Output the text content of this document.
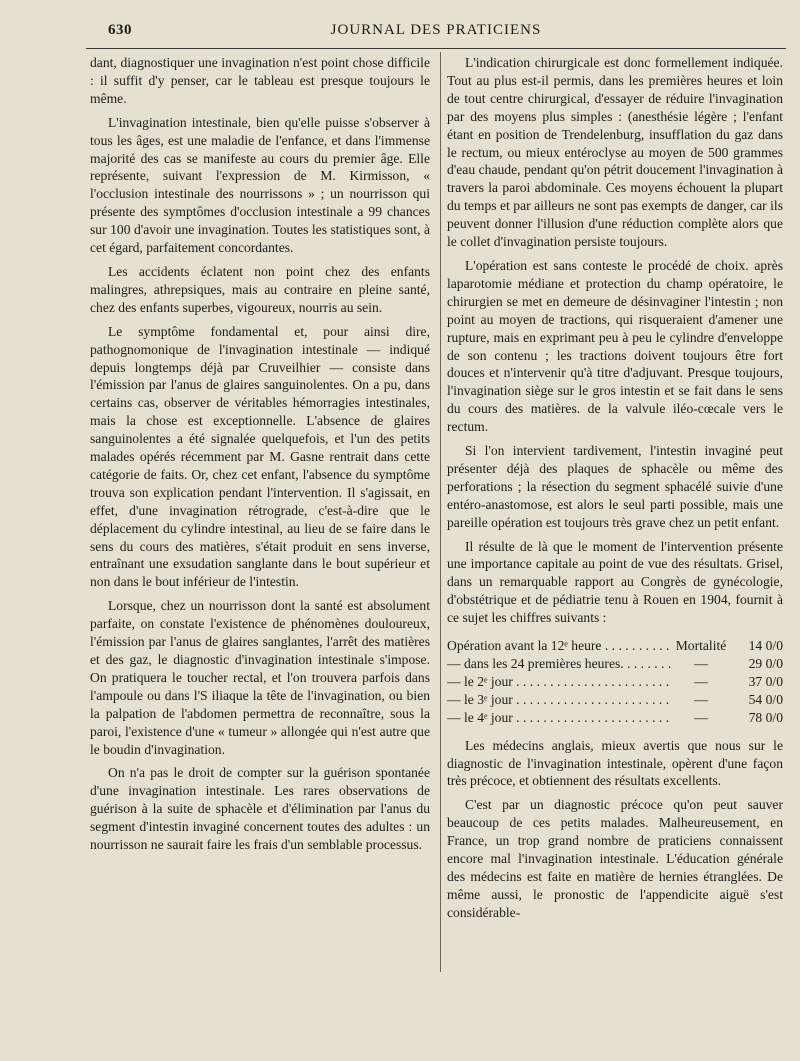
630	JOURNAL DES PRATICIENS

dant, diagnostiquer une invagination n'est point chose difficile : il suffit d'y penser, car le tableau est presque toujours le même.

L'invagination intestinale, bien qu'elle puisse s'observer à tous les âges, est une maladie de l'enfance, et dans l'immense majorité des cas se manifeste au cours du premier âge. Elle représente, suivant l'expression de M. Kirmisson, « l'occlusion intestinale des nourrissons » ; un nourrisson qui présente des symptômes d'occlusion intestinale a 99 chances sur 100 d'avoir une invagination. Toutes les statistiques sont, à cet égard, parfaitement concordantes.

Les accidents éclatent non point chez des enfants malingres, athrepsiques, mais au contraire en pleine santé, chez des enfants superbes, vigoureux, nourris au sein.

Le symptôme fondamental et, pour ainsi dire, pathognomonique de l'invagination intestinale — indiqué depuis longtemps déjà par Cruveilhier — consiste dans l'émission par l'anus de glaires sanguinolentes. On a pu, dans certains cas, observer de véritables hémorragies intestinales, mais la chose est exceptionnelle. L'absence de glaires sanguinolentes a été signalée quelquefois, et l'un des petits malades opérés récemment par M. Gasne rentrait dans cette catégorie de faits. Or, chez cet enfant, l'absence du symptôme trouva son explication pendant l'intervention. Il s'agissait, en effet, d'une invagination rétrograde, c'est-à-dire que le déplacement du cylindre intestinal, au lieu de se faire dans le sens du cours des matières, s'était produit en sens inverse, entraînant une exsudation sanglante dans le bout supérieur et non dans le bout inférieur de l'intestin.

Lorsque, chez un nourrisson dont la santé est absolument parfaite, on constate l'existence de phénomènes douloureux, l'émission par l'anus de glaires sanglantes, l'arrêt des matières et des gaz, le diagnostic d'invagination intestinale s'impose. On pratiquera le toucher rectal, et l'on trouvera parfois dans l'ampoule ou dans l'S iliaque la tête de l'invagination, ou bien la palpation de l'abdomen permettra de reconnaître, sous la paroi, l'existence d'une « tumeur » allongée qui n'est autre que le boudin d'invagination.

On n'a pas le droit de compter sur la guérison spontanée d'une invagination intestinale. Les rares observations de guérison à la suite de sphacèle et d'élimination par l'anus du segment d'intestin invaginé concernent toutes des adultes : un nourrisson ne saurait faire les frais d'un semblable processus.

L'indication chirurgicale est donc formellement indiquée. Tout au plus est-il permis, dans les premières heures et loin de tout centre chirurgical, d'essayer de réduire l'invagination par des moyens plus simples : (anesthésie légère ; l'enfant étant en position de Trendelenburg, insufflation du gaz dans le rectum, ou mieux entéroclyse au moyen de 500 grammes d'eau chaude, pendant qu'on pétrit doucement l'invagination à travers la paroi abdominale. Ces moyens échouent la plupart du temps et par ailleurs ne sont pas exempts de danger, car ils peuvent donner l'illusion d'une réduction complète alors que le collet d'invagination persiste toujours.

L'opération est sans conteste le procédé de choix. après laparotomie médiane et protection du champ opératoire, le chirurgien se met en demeure de désinvaginer l'intestin ; non point au moyen de tractions, qui risqueraient d'amener une rupture, mais en exprimant peu à peu le cylindre d'enveloppe de son contenu ; les tractions doivent toujours être fort douces et n'intervenir qu'à titre d'adjuvant. Presque toujours, l'invagination siège sur le gros intestin et se fait dans le sens du cours des matières. de la valvule iléo-cœcale vers le rectum.

Si l'on intervient tardivement, l'intestin invaginé peut présenter déjà des plaques de sphacèle ou même des perforations ; la résection du segment sphacélé suivie d'une entéro-anastomose, est alors le seul parti possible, mais une pareille opération est toujours très grave chez un petit enfant.

Il résulte de là que le moment de l'intervention présente une importance capitale au point de vue des résultats. Grisel, dans un remarquable rapport au Congrès de gynécologie, d'obstétrique et de pédiatrie tenu à Rouen en 1904, fournit à ce sujet les chiffres suivants :

Opération avant la 12ᵉ heure . . .	Mortalité	14 0/0
— dans les 24 premières heures. . . .	—	29 0/0
— le 2ᵉ jour . . .	—	37 0/0
— le 3ᵉ jour . . .	—	54 0/0
— le 4ᵉ jour . . .	—	78 0/0

Les médecins anglais, mieux avertis que nous sur le diagnostic de l'invagination intestinale, opèrent d'une façon très précoce, et obtiennent des résultats excellents.

C'est par un diagnostic précoce qu'on peut sauver beaucoup de ces petits malades. Malheureusement, en France, un trop grand nombre de praticiens connaissent encore mal l'invagination intestinale. L'éducation générale des médecins est faite en matière de hernies étranglées. De même aussi, le pronostic de l'appendicite aiguë s'est considérable-
